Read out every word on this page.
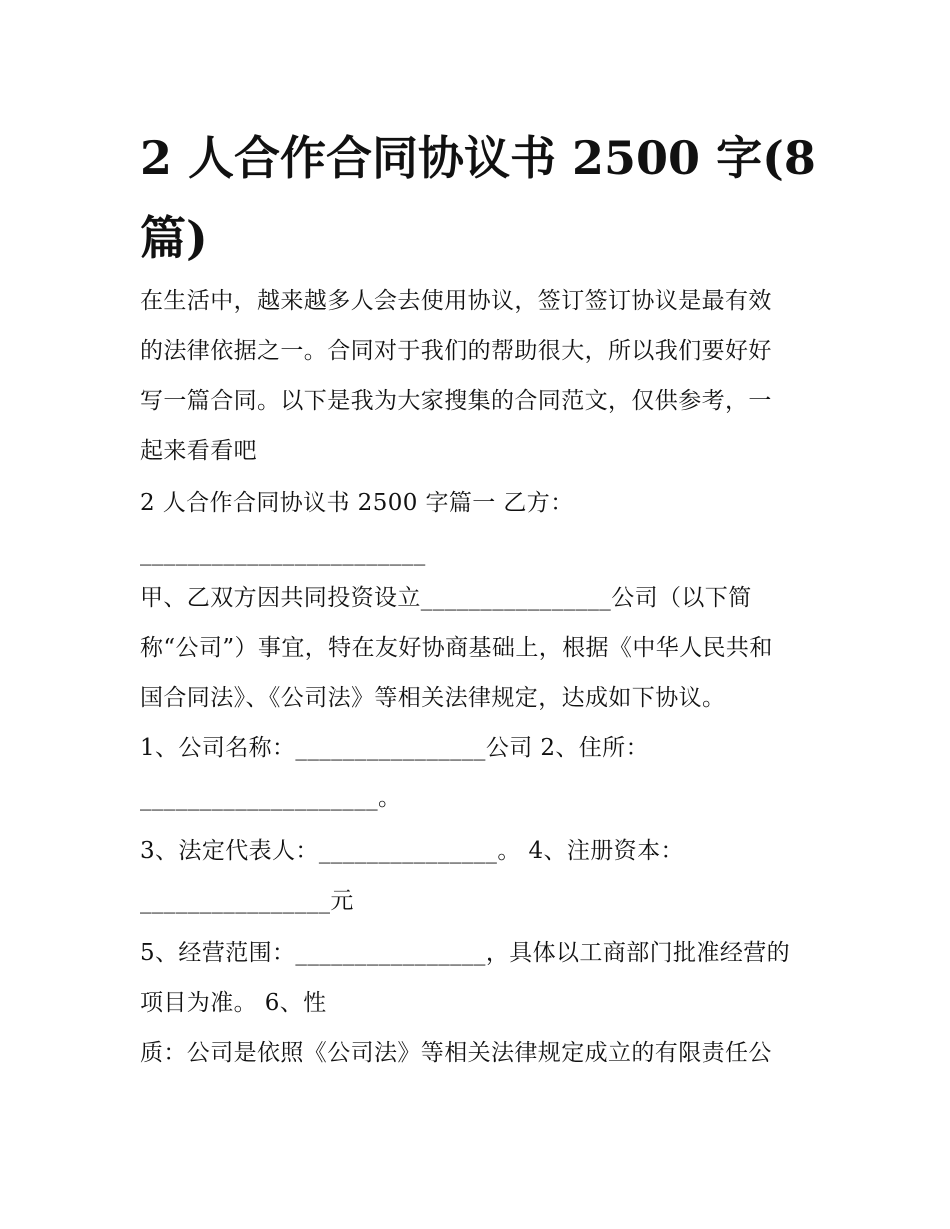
2 人合作合同协议书 2500 字(8
篇)
在生活中，越来越多人会去使用协议，签订签订协议是最有效
的法律依据之一。合同对于我们的帮助很大，所以我们要好好
写一篇合同。以下是我为大家搜集的合同范文，仅供参考，一
起来看看吧
2 人合作合同协议书 2500 字篇一 乙方：
________________________
甲、乙双方因共同投资设立________________公司（以下简
称“公司”）事宜，特在友好协商基础上，根据《中华人民共和
国合同法》、《公司法》等相关法律规定，达成如下协议。
1、公司名称：________________公司 2、住所：
____________________。
3、法定代表人：_______________。 4、注册资本：
________________元
5、经营范围：________________，具体以工商部门批准经营的
项目为准。 6、性
质：公司是依照《公司法》等相关法律规定成立的有限责任公
